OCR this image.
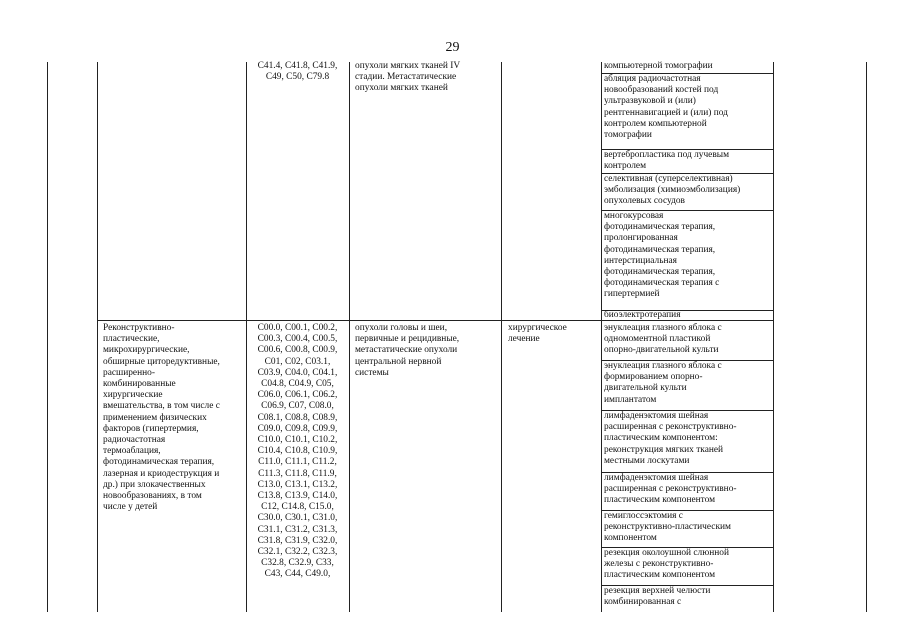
29
C41.4, C41.8, C41.9,
C49, C50, C79.8
опухоли мягких тканей IV
стадии. Метастатические
опухоли мягких тканей
компьютерной томографии
абляция радиочастотная
новообразований костей под
ультразвуковой и (или)
рентгеннавигацией и (или) под
контролем компьютерной
томографии
вертебропластика под лучевым
контролем
селективная (суперселективная)
эмболизация (химиоэмболизация)
опухолевых сосудов
многокурсовая
фотодинамическая терапия,
пролонгированная
фотодинамическая терапия,
интерстициальная
фотодинамическая терапия,
фотодинамическая терапия с
гипертермией
биоэлектротерапия
Реконструктивно-
пластические,
микрохирургические,
обширные циторедуктивные,
расширенно-
комбинированные
хирургические
вмешательства, в том числе с
применением физических
факторов (гипертермия,
радиочастотная
термоаблация,
фотодинамическая терапия,
лазерная и криодеструкция и
др.) при злокачественных
новообразованиях, в том
числе у детей
C00.0, C00.1, C00.2,
C00.3, C00.4, C00.5,
C00.6, C00.8, C00.9,
C01, C02, C03.1,
C03.9, C04.0, C04.1,
C04.8, C04.9, C05,
C06.0, C06.1, C06.2,
C06.9, C07, C08.0,
C08.1, C08.8, C08.9,
C09.0, C09.8, C09.9,
C10.0, C10.1, C10.2,
C10.4, C10.8, C10.9,
C11.0, C11.1, C11.2,
C11.3, C11.8, C11.9,
C13.0, C13.1, C13.2,
C13.8, C13.9, C14.0,
C12, C14.8, C15.0,
C30.0, C30.1, C31.0,
C31.1, C31.2, C31.3,
C31.8, C31.9, C32.0,
C32.1, C32.2, C32.3,
C32.8, C32.9, C33,
C43, C44, C49.0,
опухоли головы и шеи,
первичные и рецидивные,
метастатические опухоли
центральной нервной
системы
хирургическое
лечение
энуклеация глазного яблока с
одномоментной пластикой
опорно-двигательной культи
энуклеация глазного яблока с
формированием опорно-
двигательной культи
имплантатом
лимфаденэктомия шейная
расширенная с реконструктивно-
пластическим компонентом:
реконструкция мягких тканей
местными лоскутами
лимфаденэктомия шейная
расширенная с реконструктивно-
пластическим компонентом
гемиглоссэктомия с
реконструктивно-пластическим
компонентом
резекция околоушной слюнной
железы с реконструктивно-
пластическим компонентом
резекция верхней челюсти
комбинированная с
